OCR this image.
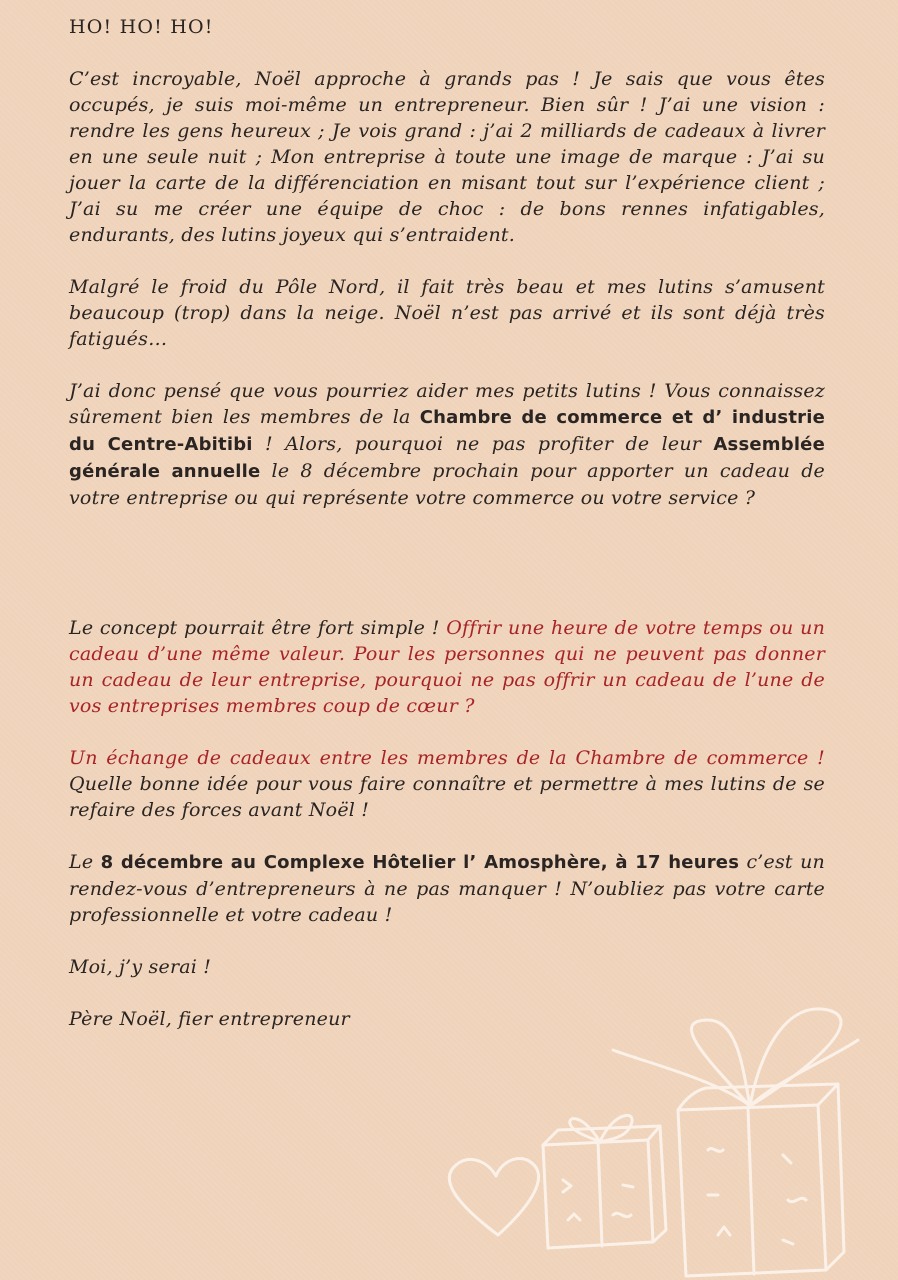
HO! HO! HO!

C’est incroyable, Noël approche à grands pas ! Je sais que vous êtes occupés, je suis moi-même un entrepreneur. Bien sûr ! J’ai une vision : rendre les gens heureux ; Je vois grand : j’ai 2 milliards de cadeaux à livrer en une seule nuit ; Mon entreprise à toute une image de marque : J’ai su jouer la carte de la différenciation en misant tout sur l’expérience client ; J’ai su me créer une équipe de choc : de bons rennes infatigables, endurants, des lutins joyeux qui s’entraident.

Malgré le froid du Pôle Nord, il fait très beau et mes lutins s’amusent beaucoup (trop) dans la neige. Noël n’est pas arrivé et ils sont déjà très fatigués…

J’ai donc pensé que vous pourriez aider mes petits lutins ! Vous connaissez sûrement bien les membres de la Chambre de commerce et d’ industrie du Centre-Abitibi ! Alors, pourquoi ne pas profiter de leur Assemblée générale annuelle le 8 décembre prochain pour apporter un cadeau de votre entreprise ou qui représente votre commerce ou votre service ?

Le concept pourrait être fort simple ! Offrir une heure de votre temps ou un cadeau d’une même valeur. Pour les personnes qui ne peuvent pas donner un cadeau de leur entreprise, pourquoi ne pas offrir un cadeau de l’une de vos entreprises membres coup de cœur ?

Un échange de cadeaux entre les membres de la Chambre de commerce ! Quelle bonne idée pour vous faire connaître et permettre à mes lutins de se refaire des forces avant Noël !

Le 8 décembre au Complexe Hôtelier l’ Amosphère, à 17 heures c’est un rendez-vous d’entrepreneurs à ne pas manquer ! N’oubliez pas votre carte professionnelle et votre cadeau !

Moi, j’y serai !

Père Noël, fier entrepreneur
